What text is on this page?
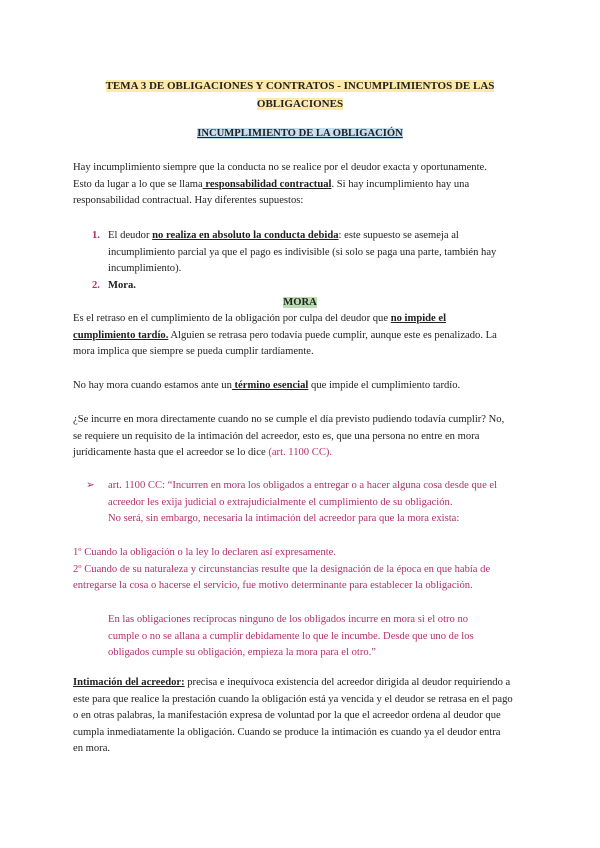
TEMA 3 DE OBLIGACIONES Y CONTRATOS - INCUMPLIMIENTOS DE LAS

OBLIGACIONES

INCUMPLIMIENTO DE LA OBLIGACIÓN

Hay incumplimiento siempre que la conducta no se realice por el deudor exacta y oportunamente.

Esto da lugar a lo que se llama responsabilidad contractual. Si hay incumplimiento hay una

responsabilidad contractual. Hay diferentes supuestos:

1. El deudor no realiza en absoluto la conducta debida: este supuesto se asemeja al

incumplimiento parcial ya que el pago es indivisible (si solo se paga una parte, también hay

incumplimiento).

2. Mora.

MORA

Es el retraso en el cumplimiento de la obligación por culpa del deudor que no impide el

cumplimiento tardío. Alguien se retrasa pero todavía puede cumplir, aunque este es penalizado. La

mora implica que siempre se pueda cumplir tardíamente.

No hay mora cuando estamos ante un término esencial que impide el cumplimiento tardío.

¿Se incurre en mora directamente cuando no se cumple el día previsto pudiendo todavía cumplir? No,

se requiere un requisito de la intimación del acreedor, esto es, que una persona no entre en mora

jurídicamente hasta que el acreedor se lo dice (art. 1100 CC).

➢ art. 1100 CC: “Incurren en mora los obligados a entregar o a hacer alguna cosa desde que el

acreedor les exija judicial o extrajudicialmente el cumplimiento de su obligación.

No será, sin embargo, necesaria la intimación del acreedor para que la mora exista:

1º Cuando la obligación o la ley lo declaren así expresamente.

2º Cuando de su naturaleza y circunstancias resulte que la designación de la época en que había de

entregarse la cosa o hacerse el servicio, fue motivo determinante para establecer la obligación.

En las obligaciones recíprocas ninguno de los obligados incurre en mora si el otro no

cumple o no se allana a cumplir debidamente lo que le incumbe. Desde que uno de los

obligados cumple su obligación, empieza la mora para el otro.”

Intimación del acreedor: precisa e inequívoca existencia del acreedor dirigida al deudor requiriendo a

este para que realice la prestación cuando la obligación está ya vencida y el deudor se retrasa en el pago

o en otras palabras, la manifestación expresa de voluntad por la que el acreedor ordena al deudor que

cumpla inmediatamente la obligación. Cuando se produce la intimación es cuando ya el deudor entra

en mora.
